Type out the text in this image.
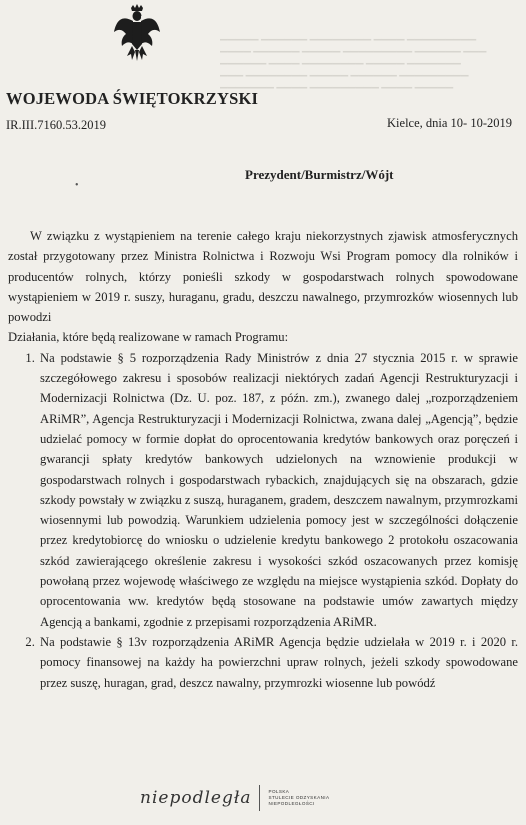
▁▁▁▁▁ ▁▁▁▁▁▁ ▁▁▁▁▁▁▁▁ ▁▁▁▁ ▁▁▁▁▁▁▁▁▁
▁▁▁▁ ▁▁▁▁▁▁ ▁▁▁▁▁ ▁▁▁▁▁▁▁▁▁ ▁▁▁▁▁▁ ▁▁▁
▁▁▁▁▁▁ ▁▁▁▁ ▁▁▁▁▁▁▁▁ ▁▁▁▁▁ ▁▁▁▁▁▁▁
▁▁▁ ▁▁▁▁▁▁▁▁ ▁▁▁▁▁ ▁▁▁▁▁▁ ▁▁▁▁▁▁▁▁▁
▁▁▁▁▁▁▁ ▁▁▁▁ ▁▁▁▁▁▁▁▁▁ ▁▁▁▁ ▁▁▁▁▁
WOJEWODA ŚWIĘTOKRZYSKI
IR.III.7160.53.2019	Kielce, dnia 10- 10-2019
Prezydent/Burmistrz/Wójt
•

W związku z wystąpieniem na terenie całego kraju niekorzystnych zjawisk atmosferycznych został przygotowany przez Ministra Rolnictwa i Rozwoju Wsi Program pomocy dla rolników i producentów rolnych, którzy ponieśli szkody w gospodarstwach rolnych spowodowane wystąpieniem w 2019 r. suszy, huraganu, gradu, deszczu nawalnego, przymrozków wiosennych lub powodzi

Działania, które będą realizowane w ramach Programu:

1. Na podstawie § 5 rozporządzenia Rady Ministrów z dnia 27 stycznia 2015 r. w sprawie szczegółowego zakresu i sposobów realizacji niektórych zadań Agencji Restrukturyzacji i Modernizacji Rolnictwa (Dz. U. poz. 187, z późn. zm.), zwanego dalej „rozporządzeniem ARiMR”, Agencja Restrukturyzacji i Modernizacji Rolnictwa, zwana dalej „Agencją”, będzie udzielać pomocy w formie dopłat do oprocentowania kredytów bankowych oraz poręczeń i gwarancji spłaty kredytów bankowych udzielonych na wznowienie produkcji w gospodarstwach rolnych i gospodarstwach rybackich, znajdujących się na obszarach, gdzie szkody powstały w związku z suszą, huraganem, gradem, deszczem nawalnym, przymrozkami wiosennymi lub powodzią. Warunkiem udzielenia pomocy jest w szczególności dołączenie przez kredytobiorcę do wniosku o udzielenie kredytu bankowego 2 protokołu oszacowania szkód zawierającego określenie zakresu i wysokości szkód oszacowanych przez komisję powołaną przez wojewodę właściwego ze względu na miejsce wystąpienia szkód. Dopłaty do oprocentowania ww. kredytów będą stosowane na podstawie umów zawartych między Agencją a bankami, zgodnie z przepisami rozporządzenia ARiMR.
2. Na podstawie § 13v rozporządzenia ARiMR Agencja będzie udzielała w 2019 r. i 2020 r. pomocy finansowej na każdy ha powierzchni upraw rolnych, jeżeli szkody spowodowane przez suszę, huragan, grad, deszcz nawalny, przymrozki wiosenne lub powódź
niepodległa	POLSKA
STULECIE ODZYSKANIA
NIEPODLEGŁOŚCI
